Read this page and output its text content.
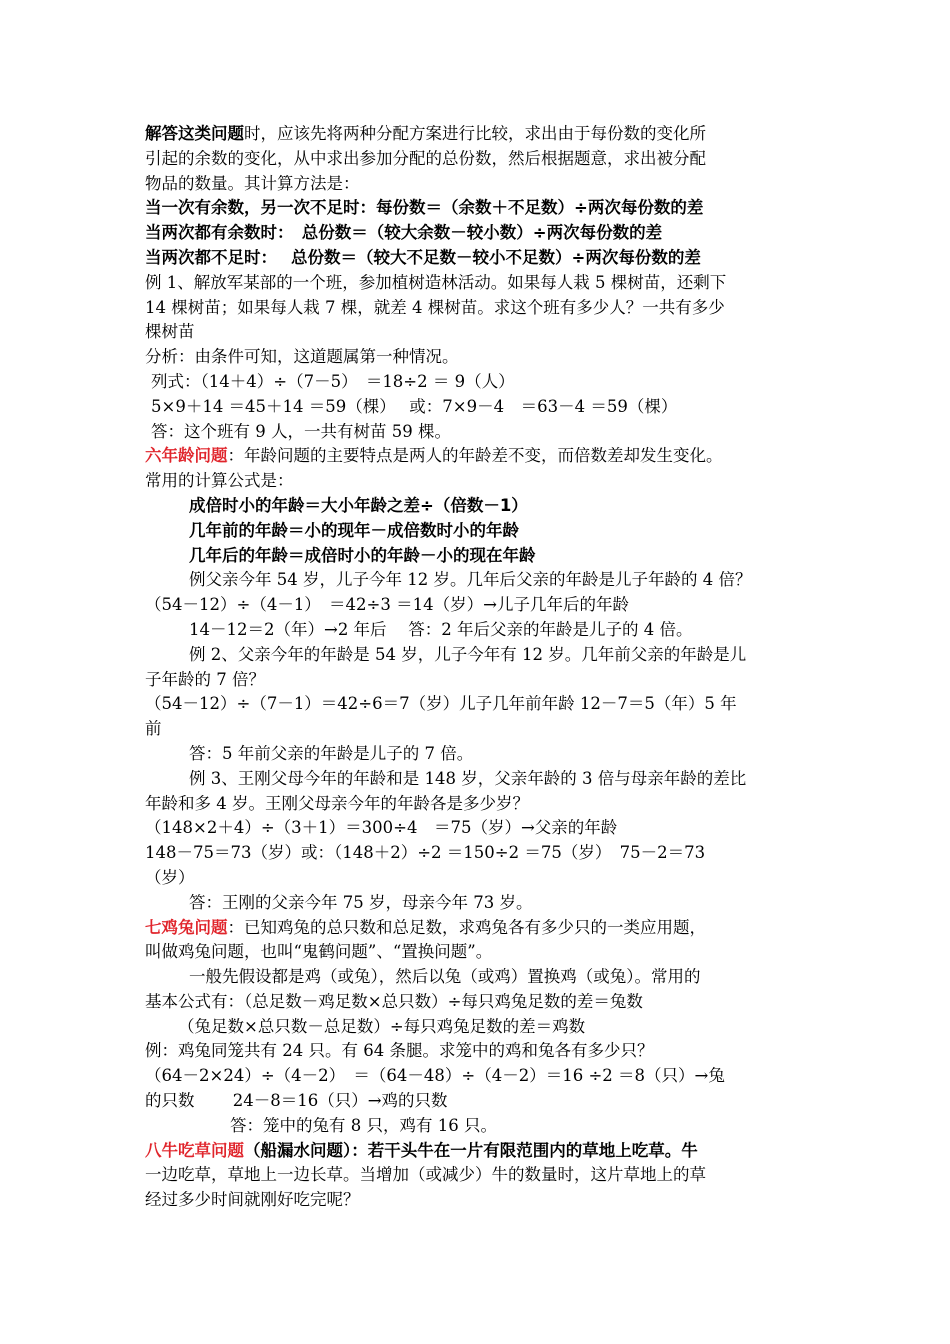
解答这类问题时，应该先将两种分配方案进行比较，求出由于每份数的变化所
引起的余数的变化，从中求出参加分配的总份数，然后根据题意，求出被分配
物品的数量。其计算方法是：
当一次有余数，另一次不足时：每份数＝（余数＋不足数）÷两次每份数的差
当两次都有余数时：　总份数＝（较大余数－较小数）÷两次每份数的差
当两次都不足时：　 总份数＝（较大不足数－较小不足数）÷两次每份数的差
例 1、解放军某部的一个班，参加植树造林活动。如果每人栽 5 棵树苗，还剩下
14 棵树苗；如果每人栽 7 棵，就差 4 棵树苗。求这个班有多少人？一共有多少
棵树苗
分析：由条件可知，这道题属第一种情况。
列式：（14＋4）÷（7－5）　＝18÷2 ＝ 9（人）
5×9＋14 ＝45＋14 ＝59（棵）　 或：7×9－4　＝63－4 ＝59（棵）
答：这个班有 9 人，一共有树苗 59 棵。
六年龄问题：年龄问题的主要特点是两人的年龄差不变，而倍数差却发生变化。
常用的计算公式是：
成倍时小的年龄＝大小年龄之差÷（倍数－1）
几年前的年龄＝小的现年－成倍数时小的年龄
几年后的年龄＝成倍时小的年龄－小的现在年龄
例父亲今年 54 岁，儿子今年 12 岁。几年后父亲的年龄是儿子年龄的 4 倍？
（54－12）÷（4－1）　＝42÷3 ＝14（岁）→儿子几年后的年龄
14－12＝2（年）→2 年后　 答：2 年后父亲的年龄是儿子的 4 倍。
例 2、父亲今年的年龄是 54 岁，儿子今年有 12 岁。几年前父亲的年龄是儿
子年龄的 7 倍？
（54－12）÷（7－1）＝42÷6＝7（岁）儿子几年前年龄 12－7＝5（年）5 年
前
答：5 年前父亲的年龄是儿子的 7 倍。
例 3、王刚父母今年的年龄和是 148 岁，父亲年龄的 3 倍与母亲年龄的差比
年龄和多 4 岁。王刚父母亲今年的年龄各是多少岁？
（148×2＋4）÷（3＋1）＝300÷4　＝75（岁）→父亲的年龄
148－75＝73（岁）或：（148＋2）÷2 ＝150÷2 ＝75（岁）　75－2＝73
（岁）
答：王刚的父亲今年 75 岁，母亲今年 73 岁。
七鸡兔问题：已知鸡兔的总只数和总足数，求鸡兔各有多少只的一类应用题，
叫做鸡兔问题，也叫“鬼鹤问题”、“置换问题”。
一般先假设都是鸡（或兔），然后以兔（或鸡）置换鸡（或兔）。常用的
基本公式有：（总足数－鸡足数×总只数）÷每只鸡兔足数的差＝兔数
（兔足数×总只数－总足数）÷每只鸡兔足数的差＝鸡数
例：鸡兔同笼共有 24 只。有 64 条腿。求笼中的鸡和兔各有多少只？
（64－2×24）÷（4－2）　＝（64－48）÷（4－2）＝16 ÷2 ＝8（只）→兔
的只数　　 24－8＝16（只）→鸡的只数
答：笼中的兔有 8 只，鸡有 16 只。
八牛吃草问题（船漏水问题）：若干头牛在一片有限范围内的草地上吃草。牛
一边吃草，草地上一边长草。当增加（或减少）牛的数量时，这片草地上的草
经过多少时间就刚好吃完呢？
